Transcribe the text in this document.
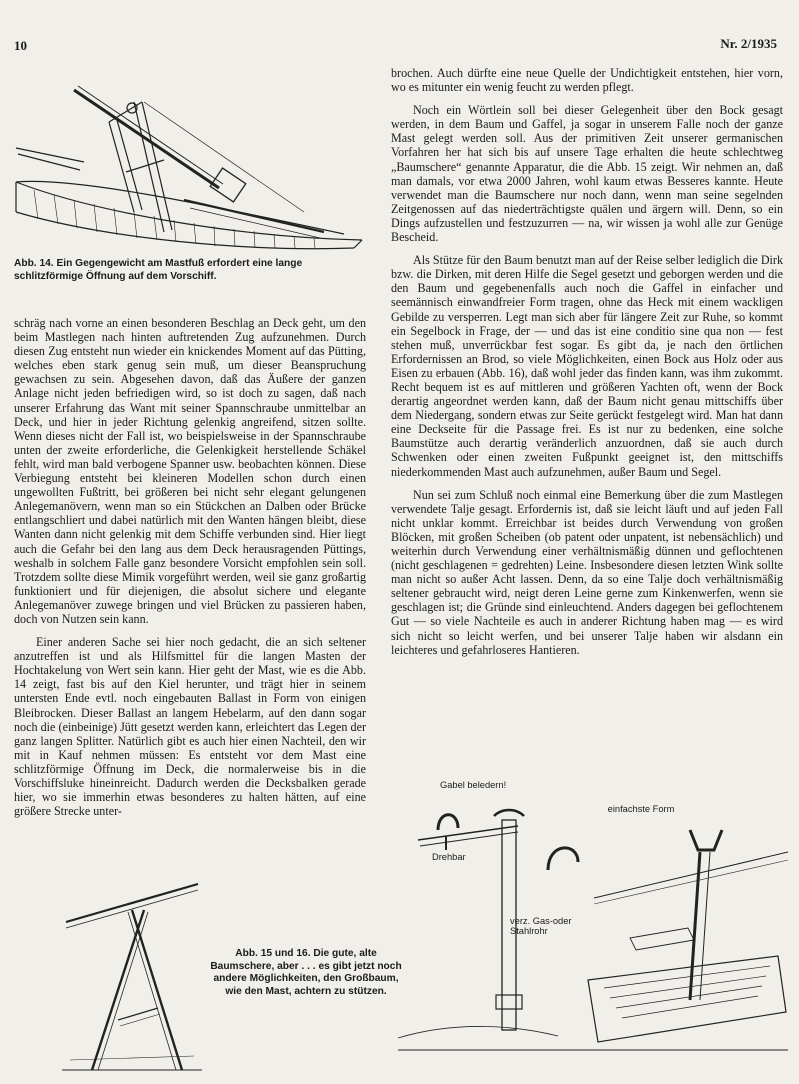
10	Nr. 2/1935
Abb. 14. Ein Gegengewicht am Mastfuß erfordert eine lange schlitzförmige Öffnung auf dem Vorschiff.

schräg nach vorne an einen besonderen Beschlag an Deck geht, um den beim Mastlegen nach hinten auftretenden Zug aufzunehmen. Durch diesen Zug entsteht nun wieder ein knickendes Moment auf das Pütting, welches eben stark genug sein muß, um dieser Beanspruchung gewachsen zu sein. Abgesehen davon, daß das Äußere der ganzen Anlage nicht jeden befriedigen wird, so ist doch zu sagen, daß nach unserer Erfahrung das Want mit seiner Spannschraube unmittelbar an Deck, und hier in jeder Richtung gelenkig angreifend, sitzen sollte. Wenn dieses nicht der Fall ist, wo beispielsweise in der Spannschraube unten der zweite erforderliche, die Gelenkigkeit herstellende Schäkel fehlt, wird man bald verbogene Spanner usw. beobachten können. Diese Verbiegung entsteht bei kleineren Modellen schon durch einen ungewollten Fußtritt, bei größeren bei nicht sehr elegant gelungenen Anlegemanövern, wenn man so ein Stückchen an Dalben oder Brücke entlangschliert und dabei natürlich mit den Wanten hängen bleibt, diese Wanten dann nicht gelenkig mit dem Schiffe verbunden sind. Hier liegt auch die Gefahr bei den lang aus dem Deck herausragenden Püttings, weshalb in solchem Falle ganz besondere Vorsicht empfohlen sein soll. Trotzdem sollte diese Mimik vorgeführt werden, weil sie ganz großartig funktioniert und für diejenigen, die absolut sichere und elegante Anlegemanöver zuwege bringen und viel Brücken zu passieren haben, doch von Nutzen sein kann.

Einer anderen Sache sei hier noch gedacht, die an sich seltener anzutreffen ist und als Hilfsmittel für die langen Masten der Hochtakelung von Wert sein kann. Hier geht der Mast, wie es die Abb. 14 zeigt, fast bis auf den Kiel herunter, und trägt hier in seinem untersten Ende evtl. noch eingebauten Ballast in Form von einigen Bleibrocken. Dieser Ballast an langem Hebelarm, auf den dann sogar noch die (einbeinige) Jütt gesetzt werden kann, erleichtert das Legen der ganz langen Splitter. Natürlich gibt es auch hier einen Nachteil, den wir mit in Kauf nehmen müssen: Es entsteht vor dem Mast eine schlitzförmige Öffnung im Deck, die normalerweise bis in die Vorschiffsluke hineinreicht. Dadurch werden die Decksbalken gerade hier, wo sie immerhin etwas besonderes zu halten hätten, auf eine größere Strecke unter-

brochen. Auch dürfte eine neue Quelle der Undichtigkeit entstehen, hier vorn, wo es mitunter ein wenig feucht zu werden pflegt.

Noch ein Wörtlein soll bei dieser Gelegenheit über den Bock gesagt werden, in dem Baum und Gaffel, ja sogar in unserem Falle noch der ganze Mast gelegt werden soll. Aus der primitiven Zeit unserer germanischen Vorfahren her hat sich bis auf unsere Tage erhalten die heute schlechtweg „Baumschere“ genannte Apparatur, die die Abb. 15 zeigt. Wir nehmen an, daß man damals, vor etwa 2000 Jahren, wohl kaum etwas Besseres kannte. Heute verwendet man die Baumschere nur noch dann, wenn man seine segelnden Zeitgenossen auf das niederträchtigste quälen und ärgern will. Denn, so ein Dings aufzustellen und festzuzurren — na, wir wissen ja wohl alle zur Genüge Bescheid.

Als Stütze für den Baum benutzt man auf der Reise selber lediglich die Dirk bzw. die Dirken, mit deren Hilfe die Segel gesetzt und geborgen werden und die den Baum und gegebenenfalls auch noch die Gaffel in einfacher und seemännisch einwandfreier Form tragen, ohne das Heck mit einem wackligen Gebilde zu versperren. Legt man sich aber für längere Zeit zur Ruhe, so kommt ein Segelbock in Frage, der — und das ist eine conditio sine qua non — fest stehen muß, unverrückbar fest sogar. Es gibt da, je nach den örtlichen Erfordernissen an Brod, so viele Möglichkeiten, einen Bock aus Holz oder aus Eisen zu erbauen (Abb. 16), daß wohl jeder das finden kann, was ihm zukommt. Recht bequem ist es auf mittleren und größeren Yachten oft, wenn der Bock derartig angeordnet werden kann, daß der Baum nicht genau mittschiffs über dem Niedergang, sondern etwas zur Seite gerückt festgelegt wird. Man hat dann eine Deckseite für die Passage frei. Es ist nur zu bedenken, eine solche Baumstütze auch derartig veränderlich anzuordnen, daß sie auch durch Schwenken oder einen zweiten Fußpunkt geeignet ist, den mittschiffs niederkommenden Mast auch aufzunehmen, außer Baum und Segel.

Nun sei zum Schluß noch einmal eine Bemerkung über die zum Mastlegen verwendete Talje gesagt. Erfordernis ist, daß sie leicht läuft und auf jeden Fall nicht unklar kommt. Erreichbar ist beides durch Verwendung von großen Blöcken, mit großen Scheiben (ob patent oder unpatent, ist nebensächlich) und weiterhin durch Verwendung einer verhältnismäßig dünnen und geflochtenen (nicht geschlagenen = gedrehten) Leine. Insbesondere diesen letzten Wink sollte man nicht so außer Acht lassen. Denn, da so eine Talje doch verhältnismäßig seltener gebraucht wird, neigt deren Leine gerne zum Kinkenwerfen, wenn sie geschlagen ist; die Gründe sind einleuchtend. Anders dagegen bei geflochtenem Gut — so viele Nachteile es auch in anderer Richtung haben mag — es wird sich nicht so leicht werfen, und bei unserer Talje haben wir alsdann ein leichteres und gefahrloseres Hantieren.

Gabel beledern!
einfachste Form
Drehbar
verz. Gas-oder Stahlrohr
Abb. 15 und 16. Die gute, alte Baumschere, aber . . . es gibt jetzt noch andere Möglichkeiten, den Großbaum, wie den Mast, achtern zu stützen.
